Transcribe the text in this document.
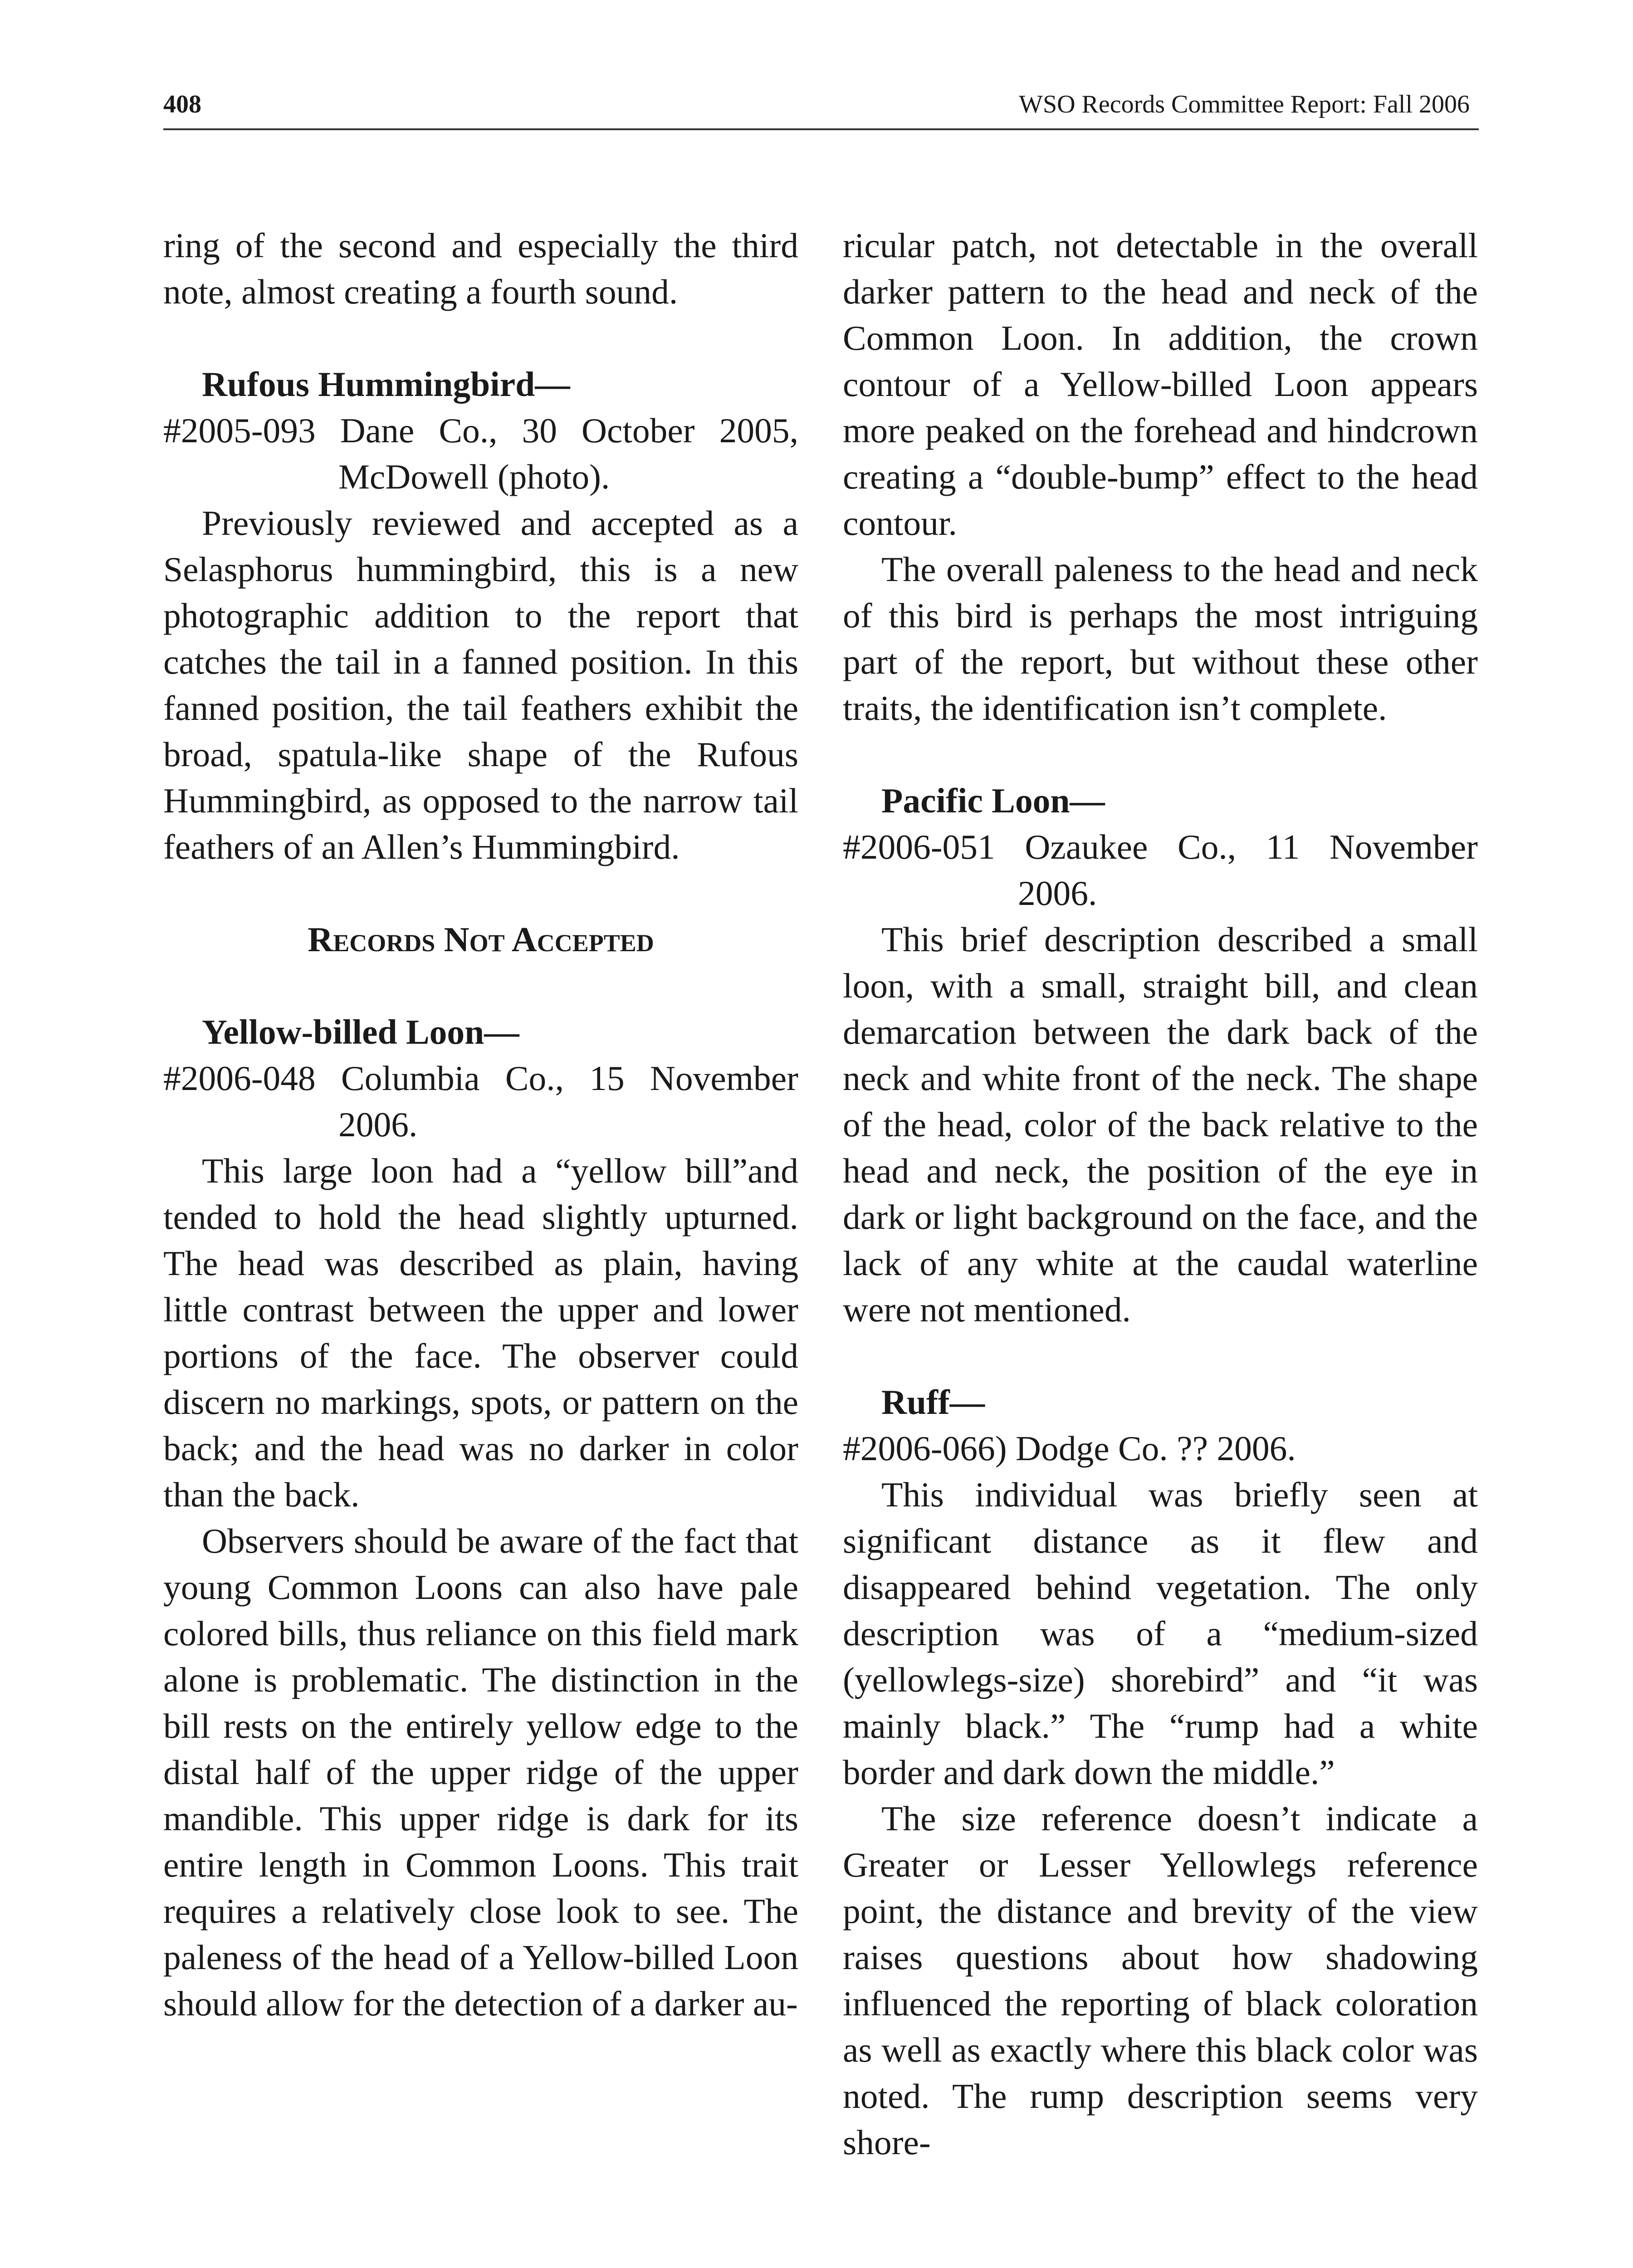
408	WSO Records Committee Report: Fall 2006

ring of the second and especially the third note, almost creating a fourth sound.

Rufous Hummingbird—

#2005-093 Dane Co., 30 October 2005, McDowell (photo).

Previously reviewed and accepted as a Selasphorus hummingbird, this is a new photographic addition to the report that catches the tail in a fanned position. In this fanned position, the tail feathers exhibit the broad, spatula-like shape of the Rufous Hummingbird, as opposed to the narrow tail feathers of an Allen’s Hummingbird.

Records Not Accepted

Yellow-billed Loon—

#2006-048 Columbia Co., 15 November 2006.

This large loon had a “yellow bill”and tended to hold the head slightly upturned. The head was described as plain, having little contrast between the upper and lower portions of the face. The observer could discern no markings, spots, or pattern on the back; and the head was no darker in color than the back.

Observers should be aware of the fact that young Common Loons can also have pale colored bills, thus reliance on this field mark alone is problematic. The distinction in the bill rests on the entirely yellow edge to the distal half of the upper ridge of the upper mandible. This upper ridge is dark for its entire length in Common Loons. This trait requires a relatively close look to see. The paleness of the head of a Yellow-billed Loon should allow for the detection of a darker au-

ricular patch, not detectable in the overall darker pattern to the head and neck of the Common Loon. In addition, the crown contour of a Yellow-billed Loon appears more peaked on the forehead and hindcrown creating a “double-bump” effect to the head contour.

The overall paleness to the head and neck of this bird is perhaps the most intriguing part of the report, but without these other traits, the identification isn’t complete.

Pacific Loon—

#2006-051 Ozaukee Co., 11 November 2006.

This brief description described a small loon, with a small, straight bill, and clean demarcation between the dark back of the neck and white front of the neck. The shape of the head, color of the back relative to the head and neck, the position of the eye in dark or light background on the face, and the lack of any white at the caudal waterline were not mentioned.

Ruff—

#2006-066) Dodge Co. ?? 2006.

This individual was briefly seen at significant distance as it flew and disappeared behind vegetation. The only description was of a “medium-sized (yellowlegs-size) shorebird” and “it was mainly black.” The “rump had a white border and dark down the middle.”

The size reference doesn’t indicate a Greater or Lesser Yellowlegs reference point, the distance and brevity of the view raises questions about how shadowing influenced the reporting of black coloration as well as exactly where this black color was noted. The rump description seems very shore-
